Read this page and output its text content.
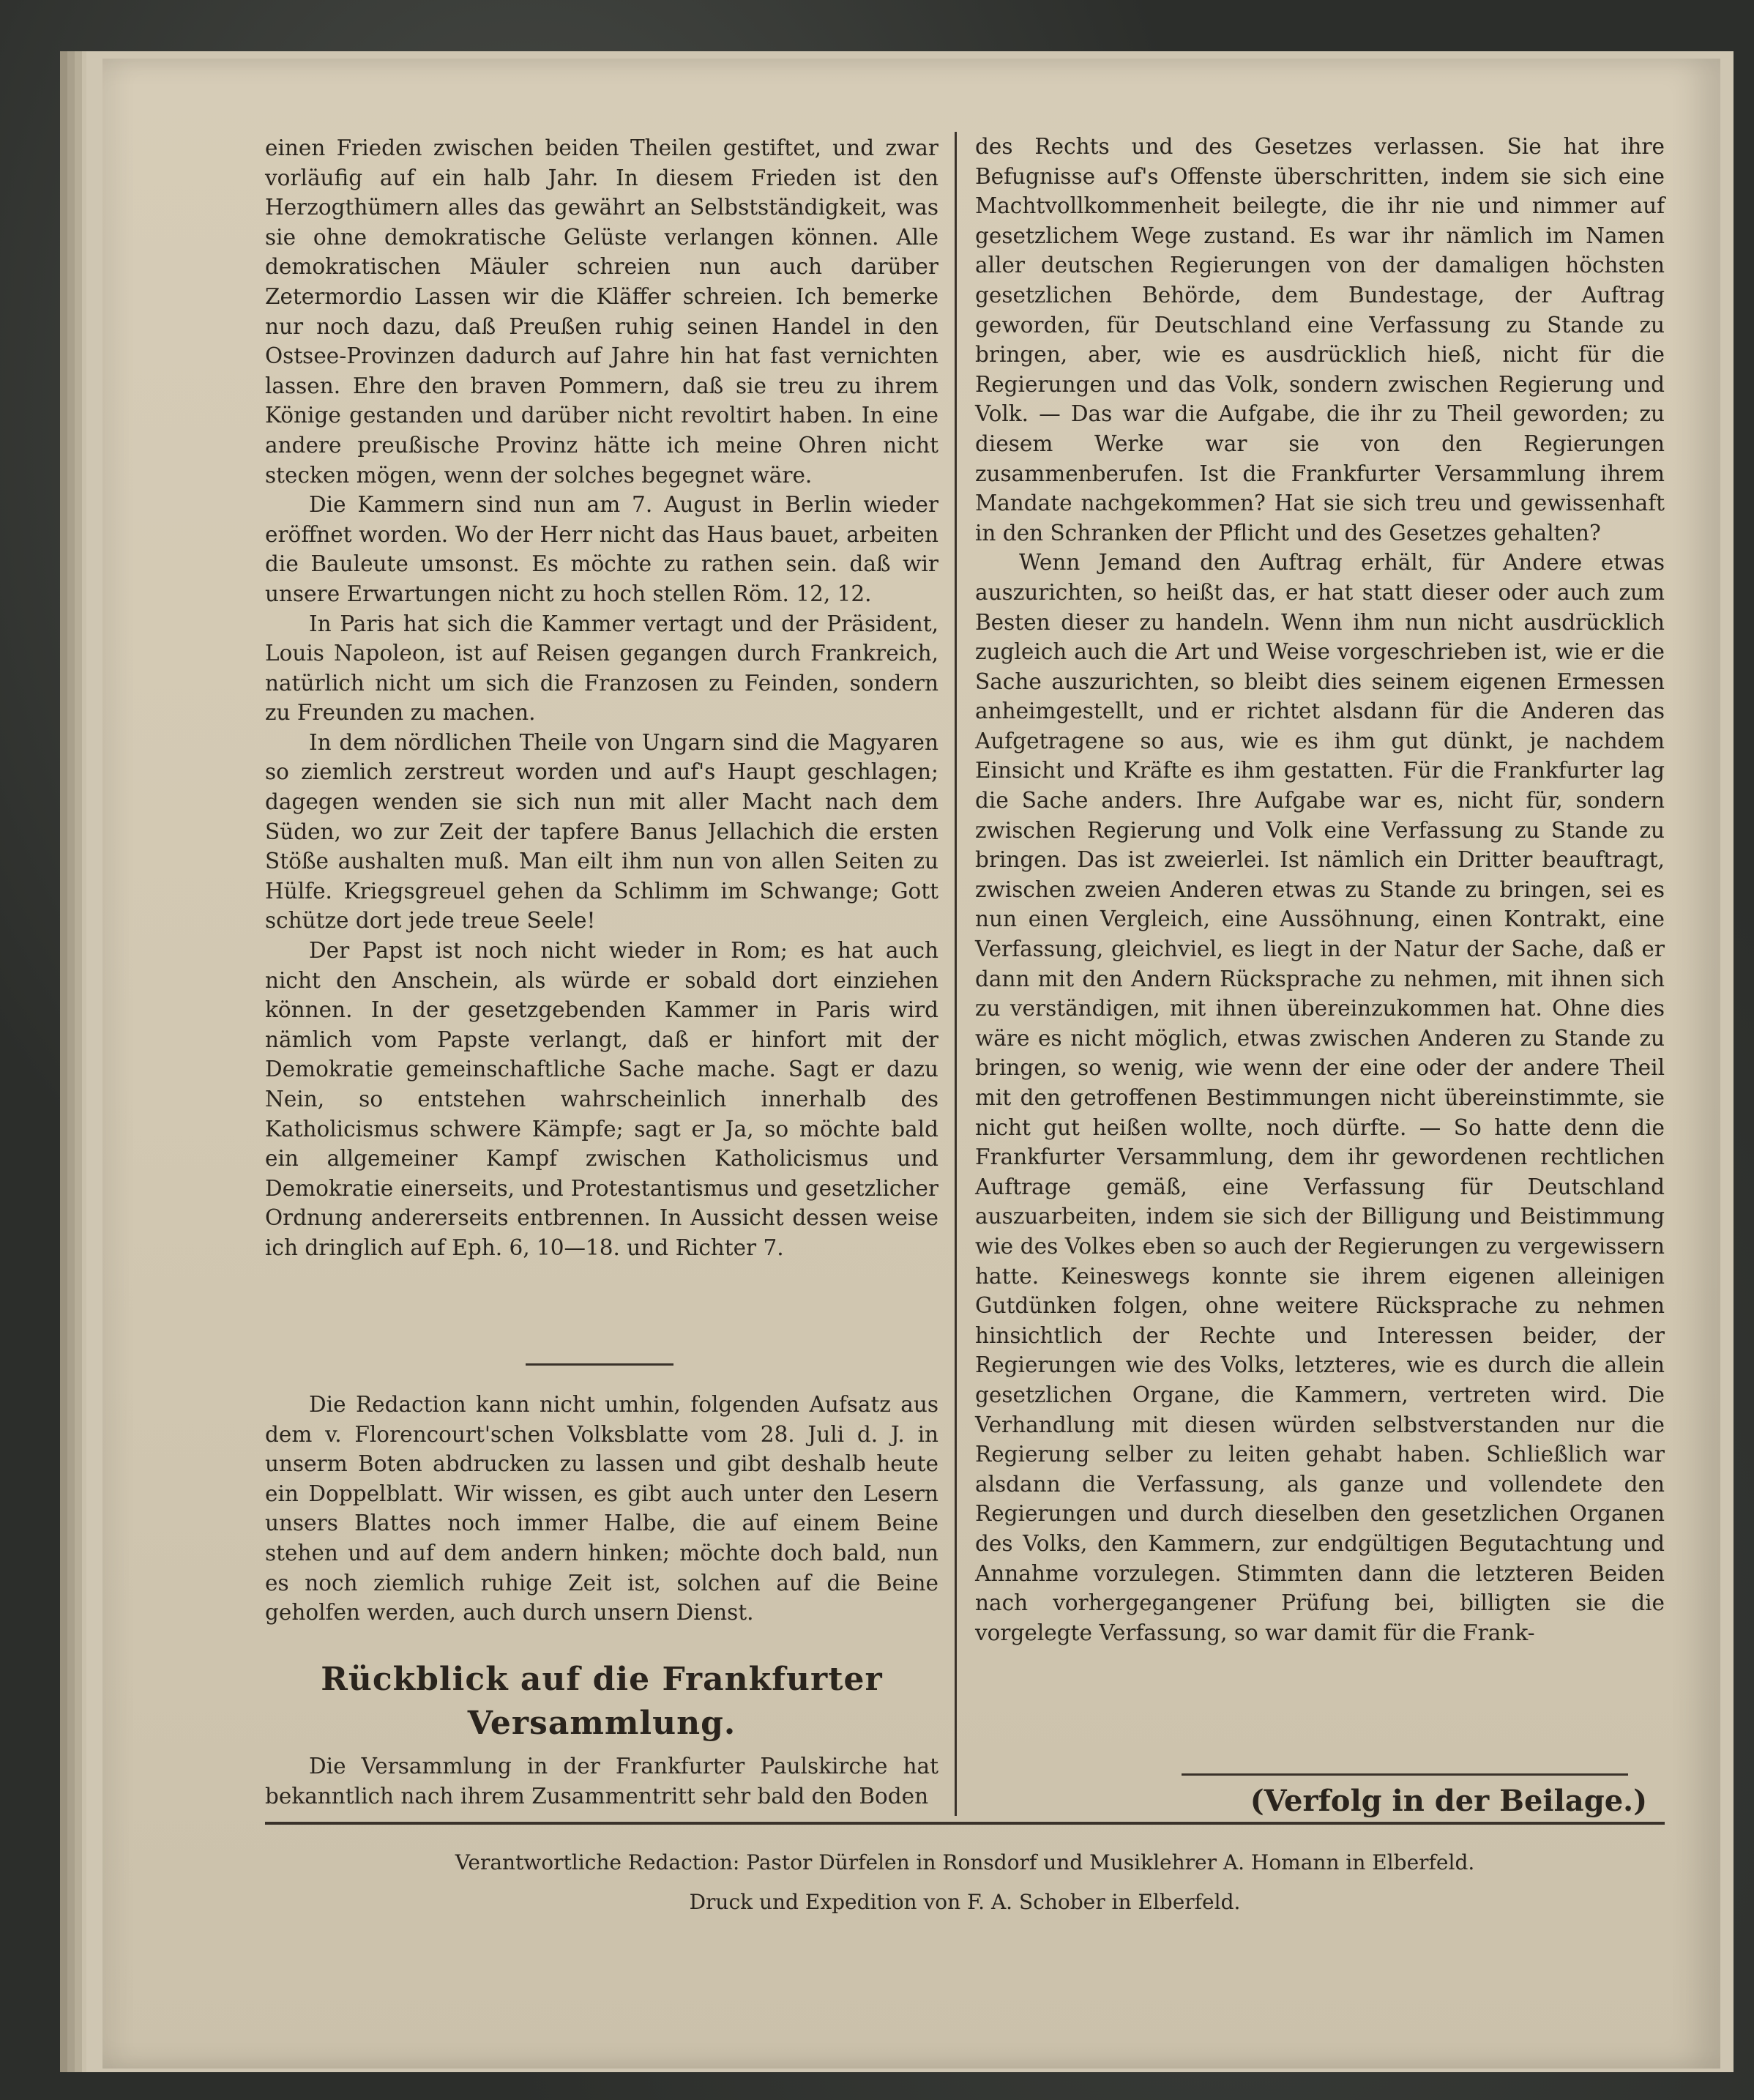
einen Frieden zwischen beiden Theilen gestiftet, und zwar vorläufig auf ein halb Jahr. In diesem Frieden ist den Herzogthümern alles das gewährt an Selbstständigkeit, was sie ohne demokratische Gelüste verlangen können. Alle demokratischen Mäuler schreien nun auch darüber Zetermordio Lassen wir die Kläffer schreien. Ich bemerke nur noch dazu, daß Preußen ruhig seinen Handel in den Ostsee-Provinzen dadurch auf Jahre hin hat fast vernichten lassen. Ehre den braven Pommern, daß sie treu zu ihrem Könige gestanden und darüber nicht revoltirt haben. In eine andere preußische Provinz hätte ich meine Ohren nicht stecken mögen, wenn der solches begegnet wäre.

Die Kammern sind nun am 7. August in Berlin wieder eröffnet worden. Wo der Herr nicht das Haus bauet, arbeiten die Bauleute umsonst. Es möchte zu rathen sein. daß wir unsere Erwartungen nicht zu hoch stellen Röm. 12, 12.

In Paris hat sich die Kammer vertagt und der Präsident, Louis Napoleon, ist auf Reisen gegangen durch Frankreich, natürlich nicht um sich die Franzosen zu Feinden, sondern zu Freunden zu machen.

In dem nördlichen Theile von Ungarn sind die Magyaren so ziemlich zerstreut worden und auf's Haupt geschlagen; dagegen wenden sie sich nun mit aller Macht nach dem Süden, wo zur Zeit der tapfere Banus Jellachich die ersten Stöße aushalten muß. Man eilt ihm nun von allen Seiten zu Hülfe. Kriegsgreuel gehen da Schlimm im Schwange; Gott schütze dort jede treue Seele!

Der Papst ist noch nicht wieder in Rom; es hat auch nicht den Anschein, als würde er sobald dort einziehen können. In der gesetzgebenden Kammer in Paris wird nämlich vom Papste verlangt, daß er hinfort mit der Demokratie gemeinschaftliche Sache mache. Sagt er dazu Nein, so entstehen wahrscheinlich innerhalb des Katholicismus schwere Kämpfe; sagt er Ja, so möchte bald ein allgemeiner Kampf zwischen Katholicismus und Demokratie einerseits, und Protestantismus und gesetzlicher Ordnung andererseits entbrennen. In Aussicht dessen weise ich dringlich auf Eph. 6, 10—18. und Richter 7.

Die Redaction kann nicht umhin, folgenden Aufsatz aus dem v. Florencourt'schen Volksblatte vom 28. Juli d. J. in unserm Boten abdrucken zu lassen und gibt deshalb heute ein Doppelblatt. Wir wissen, es gibt auch unter den Lesern unsers Blattes noch immer Halbe, die auf einem Beine stehen und auf dem andern hinken; möchte doch bald, nun es noch ziemlich ruhige Zeit ist, solchen auf die Beine geholfen werden, auch durch unsern Dienst.

Rückblick auf die Frankfurter Versammlung.

Die Versammlung in der Frankfurter Paulskirche hat bekanntlich nach ihrem Zusammentritt sehr bald den Boden

des Rechts und des Gesetzes verlassen. Sie hat ihre Befugnisse auf's Offenste überschritten, indem sie sich eine Machtvollkommenheit beilegte, die ihr nie und nimmer auf gesetzlichem Wege zustand. Es war ihr nämlich im Namen aller deutschen Regierungen von der damaligen höchsten gesetzlichen Behörde, dem Bundestage, der Auftrag geworden, für Deutschland eine Verfassung zu Stande zu bringen, aber, wie es ausdrücklich hieß, nicht für die Regierungen und das Volk, sondern zwischen Regierung und Volk. — Das war die Aufgabe, die ihr zu Theil geworden; zu diesem Werke war sie von den Regierungen zusammenberufen. Ist die Frankfurter Versammlung ihrem Mandate nachgekommen? Hat sie sich treu und gewissenhaft in den Schranken der Pflicht und des Gesetzes gehalten?

Wenn Jemand den Auftrag erhält, für Andere etwas auszurichten, so heißt das, er hat statt dieser oder auch zum Besten dieser zu handeln. Wenn ihm nun nicht ausdrücklich zugleich auch die Art und Weise vorgeschrieben ist, wie er die Sache auszurichten, so bleibt dies seinem eigenen Ermessen anheimgestellt, und er richtet alsdann für die Anderen das Aufgetragene so aus, wie es ihm gut dünkt, je nachdem Einsicht und Kräfte es ihm gestatten. Für die Frankfurter lag die Sache anders. Ihre Aufgabe war es, nicht für, sondern zwischen Regierung und Volk eine Verfassung zu Stande zu bringen. Das ist zweierlei. Ist nämlich ein Dritter beauftragt, zwischen zweien Anderen etwas zu Stande zu bringen, sei es nun einen Vergleich, eine Aussöhnung, einen Kontrakt, eine Verfassung, gleichviel, es liegt in der Natur der Sache, daß er dann mit den Andern Rücksprache zu nehmen, mit ihnen sich zu verständigen, mit ihnen übereinzukommen hat. Ohne dies wäre es nicht möglich, etwas zwischen Anderen zu Stande zu bringen, so wenig, wie wenn der eine oder der andere Theil mit den getroffenen Bestimmungen nicht übereinstimmte, sie nicht gut heißen wollte, noch dürfte. — So hatte denn die Frankfurter Versammlung, dem ihr gewordenen rechtlichen Auftrage gemäß, eine Verfassung für Deutschland auszuarbeiten, indem sie sich der Billigung und Beistimmung wie des Volkes eben so auch der Regierungen zu vergewissern hatte. Keineswegs konnte sie ihrem eigenen alleinigen Gutdünken folgen, ohne weitere Rücksprache zu nehmen hinsichtlich der Rechte und Interessen beider, der Regierungen wie des Volks, letzteres, wie es durch die allein gesetzlichen Organe, die Kammern, vertreten wird. Die Verhandlung mit diesen würden selbstverstanden nur die Regierung selber zu leiten gehabt haben. Schließlich war alsdann die Verfassung, als ganze und vollendete den Regierungen und durch dieselben den gesetzlichen Organen des Volks, den Kammern, zur endgültigen Begutachtung und Annahme vorzulegen. Stimmten dann die letzteren Beiden nach vorhergegangener Prüfung bei, billigten sie die vorgelegte Verfassung, so war damit für die Frank-

(Verfolg in der Beilage.)
Verantwortliche Redaction: Pastor Dürfelen in Ronsdorf und Musiklehrer A. Homann in Elberfeld.
Druck und Expedition von F. A. Schober in Elberfeld.
